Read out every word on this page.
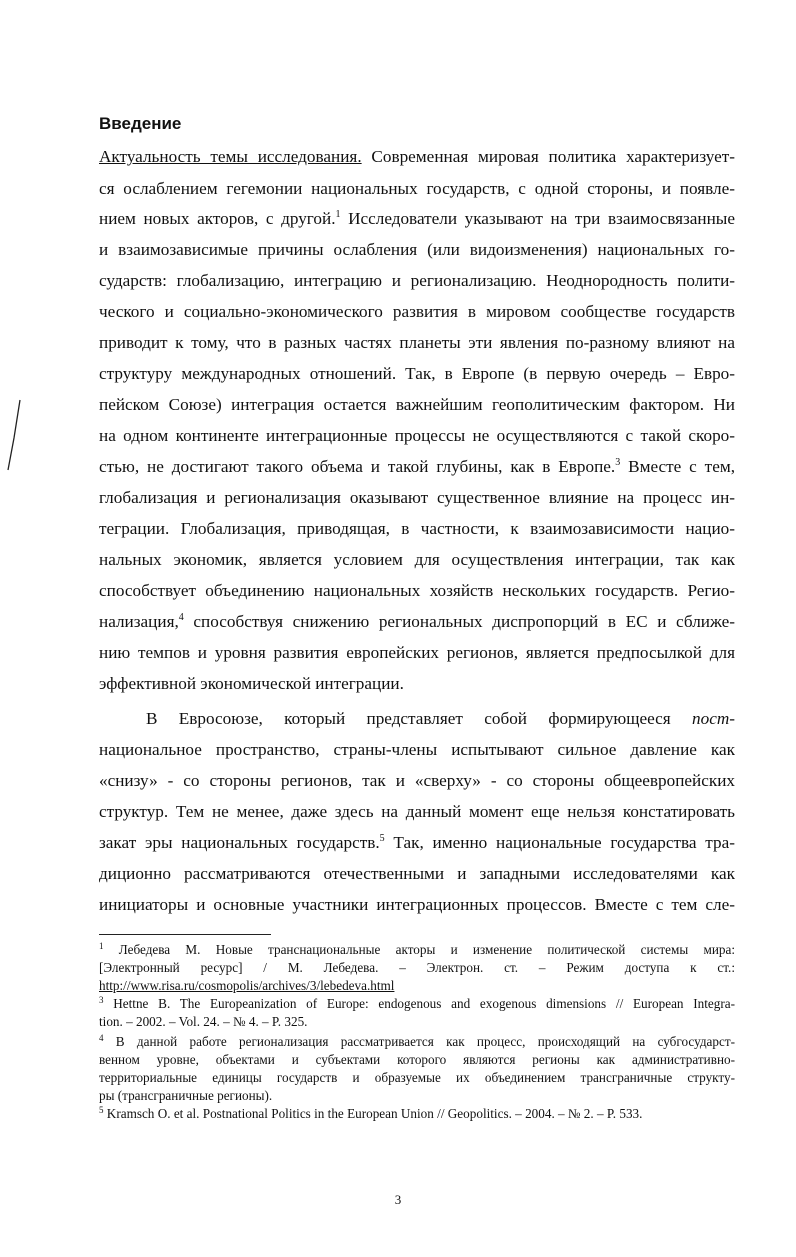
Введение
Актуальность темы исследования. Современная мировая политика характеризует-
ся ослаблением гегемонии национальных государств, с одной стороны, и появле-
нием новых акторов, с другой.$^1$ Исследователи указывают на три взаимосвязанные
и взаимозависимые причины ослабления (или видоизменения) национальных го-
сударств: глобализацию, интеграцию и регионализацию. Неоднородность полити-
ческого и социально-экономического развития в мировом сообществе государств
приводит к тому, что в разных частях планеты эти явления по-разному влияют на
структуру международных отношений. Так, в Европе (в первую очередь – Евро-
пейском Союзе) интеграция остается важнейшим геополитическим фактором. Ни
на одном континенте интеграционные процессы не осуществляются с такой скоро-
стью, не достигают такого объема и такой глубины, как в Европе.$^3$ Вместе с тем,
глобализация и регионализация оказывают существенное влияние на процесс ин-
теграции. Глобализация, приводящая, в частности, к взаимозависимости нацио-
нальных экономик, является условием для осуществления интеграции, так как
способствует объединению национальных хозяйств нескольких государств. Регио-
нализация,$^4$ способствуя снижению региональных диспропорций в ЕС и сближе-
нию темпов и уровня развития европейских регионов, является предпосылкой для
эффективной экономической интеграции.
В Евросоюзе, который представляет собой формирующееся пост-
национальное пространство, страны-члены испытывают сильное давление как
«снизу» - со стороны регионов, так и «сверху» - со стороны общеевропейских
структур. Тем не менее, даже здесь на данный момент еще нельзя констатировать
закат эры национальных государств.$^5$ Так, именно национальные государства тра-
диционно рассматриваются отечественными и западными исследователями как
инициаторы и основные участники интеграционных процессов. Вместе с тем сле-
$^1$ Лебедева М. Новые транснациональные акторы и изменение политической системы мира:
[Электронный ресурс] / М. Лебедева. – Электрон. ст. – Режим доступа к ст.:
http://www.risa.ru/cosmopolis/archives/3/lebedeva.html
$^3$ Hettne B. The Europeanization of Europe: endogenous and exogenous dimensions // European Integra-
tion. – 2002. – Vol. 24. – № 4. – P. 325.
$^4$ В данной работе регионализация рассматривается как процесс, происходящий на субгосударст-
венном уровне, объектами и субъектами которого являются регионы как административно-
территориальные единицы государств и образуемые их объединением трансграничные структу-
ры (трансграничные регионы).
$^5$ Kramsch O. et al. Postnational Politics in the European Union // Geopolitics. – 2004. – № 2. – P. 533.
3
